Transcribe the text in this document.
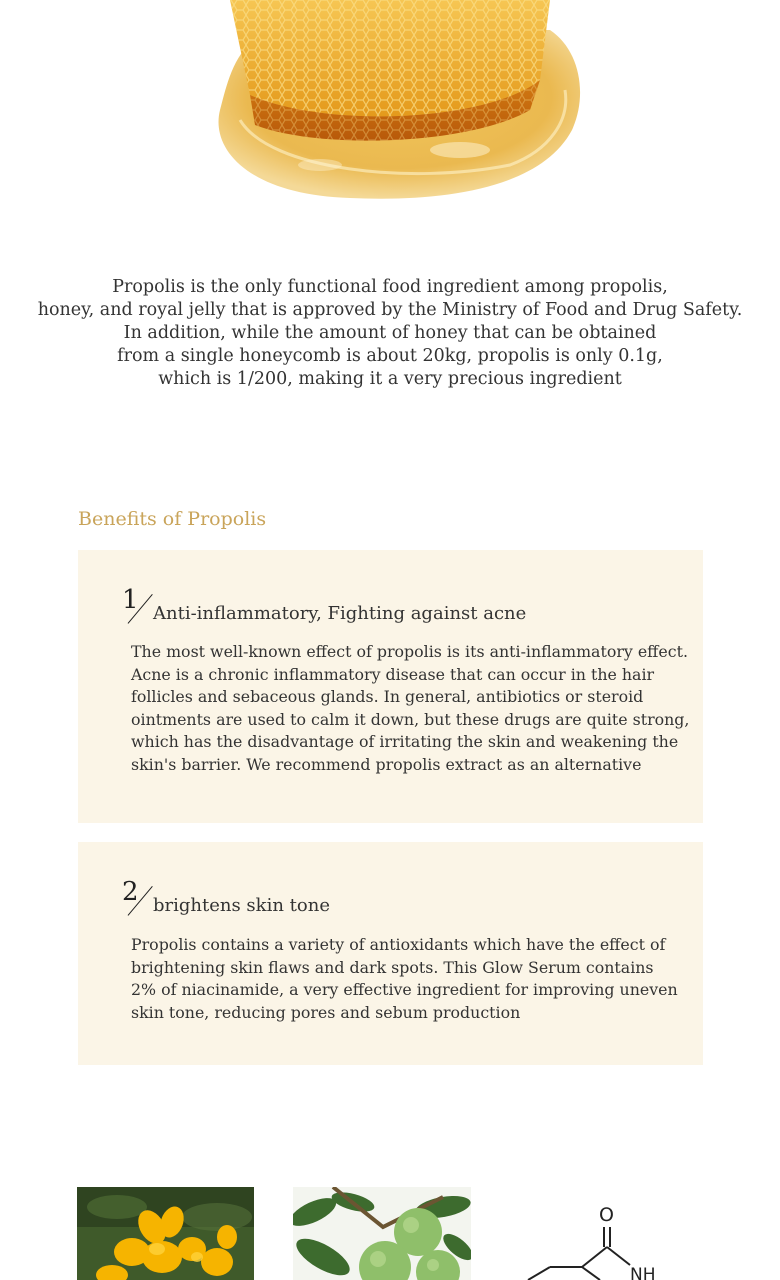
Propolis is the only functional food ingredient among propolis,
honey, and royal jelly that is approved by the Ministry of Food and Drug Safety.
In addition, while the amount of honey that can be obtained
from a single honeycomb is about 20kg, propolis is only 0.1g,
which is 1/200, making it a very precious ingredient
Benefits of Propolis
1 Anti-inflammatory, Fighting against acne
The most well-known effect of propolis is its anti-inflammatory effect.
Acne is a chronic inflammatory disease that can occur in the hair
follicles and sebaceous glands. In general, antibiotics or steroid
ointments are used to calm it down, but these drugs are quite strong,
which has the disadvantage of irritating the skin and weakening the
skin's barrier. We recommend propolis extract as an alternative
2 brightens skin tone
Propolis contains a variety of antioxidants which have the effect of
brightening skin flaws and dark spots. This Glow Serum contains
2% of niacinamide, a very effective ingredient for improving uneven
skin tone, reducing pores and sebum production
O
NH
